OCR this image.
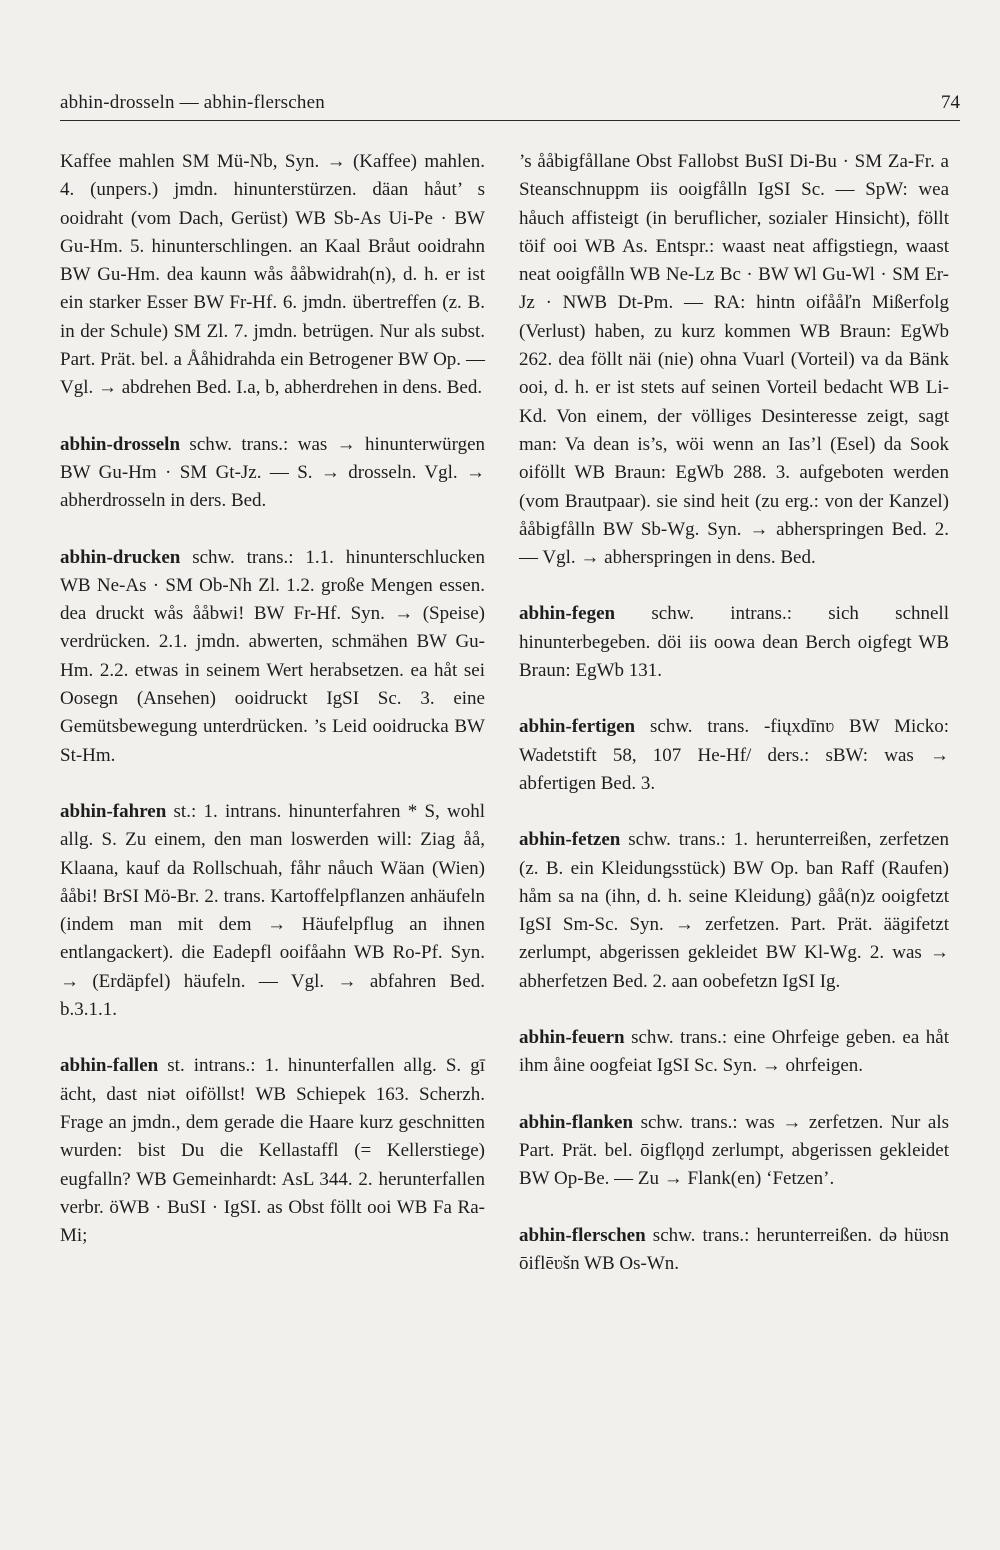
abhin-drosseln — abhin-flerschen	74

Kaffee mahlen SM Mü-Nb, Syn. → (Kaffee) mahlen. 4. (unpers.) jmdn. hinunterstürzen. däan håut’ s ooidraht (vom Dach, Gerüst) WB Sb-As Ui-Pe · BW Gu-Hm. 5. hinunterschlingen. an Kaal Bråut ooidrahn BW Gu-Hm. dea kaunn wås ååbwidrah(n), d. h. er ist ein starker Esser BW Fr-Hf. 6. jmdn. übertreffen (z. B. in der Schule) SM Zl. 7. jmdn. betrügen. Nur als subst. Part. Prät. bel. a Ååhidrahda ein Betrogener BW Op. — Vgl. → abdrehen Bed. I.a, b, abherdrehen in dens. Bed.

abhin-drosseln schw. trans.: was → hinunterwürgen BW Gu-Hm · SM Gt-Jz. — S. → drosseln. Vgl. → abherdrosseln in ders. Bed.

abhin-drucken schw. trans.: 1.1. hinunterschlucken WB Ne-As · SM Ob-Nh Zl. 1.2. große Mengen essen. dea druckt wås ååbwi! BW Fr-Hf. Syn. → (Speise) verdrücken. 2.1. jmdn. abwerten, schmähen BW Gu-Hm. 2.2. etwas in seinem Wert herabsetzen. ea håt sei Oosegn (Ansehen) ooidruckt IgSI Sc. 3. eine Gemütsbewegung unterdrücken. ’s Leid ooidrucka BW St-Hm.

abhin-fahren st.: 1. intrans. hinunterfahren * S, wohl allg. S. Zu einem, den man loswerden will: Ziag åå, Klaana, kauf da Rollschuah, fåhr nåuch Wäan (Wien) ååbi! BrSI Mö-Br. 2. trans. Kartoffelpflanzen anhäufeln (indem man mit dem → Häufelpflug an ihnen entlangackert). die Eadepfl ooifåahn WB Ro-Pf. Syn. → (Erdäpfel) häufeln. — Vgl. → abfahren Bed. b.3.1.1.

abhin-fallen st. intrans.: 1. hinunterfallen allg. S. gī ächt, dast niət oiföllst! WB Schiepek 163. Scherzh. Frage an jmdn., dem gerade die Haare kurz geschnitten wurden: bist Du die Kellastaffl (= Kellerstiege) eugfalln? WB Gemeinhardt: AsL 344. 2. herunterfallen verbr. öWB · BuSI · IgSI. as Obst föllt ooi WB Fa Ra-Mi;

’s ååbigfållane Obst Fallobst BuSI Di-Bu · SM Za-Fr. a Steanschnuppm iis ooigfålln IgSI Sc. — SpW: wea håuch affisteigt (in beruflicher, sozialer Hinsicht), föllt töif ooi WB As. Entspr.: waast neat affigstiegn, waast neat ooigfålln WB Ne-Lz Bc · BW Wl Gu-Wl · SM Er-Jz · NWB Dt-Pm. — RA: hintn oifååľn Mißerfolg (Verlust) haben, zu kurz kommen WB Braun: EgWb 262. dea föllt näi (nie) ohna Vuarl (Vorteil) va da Bänk ooi, d. h. er ist stets auf seinen Vorteil bedacht WB Li-Kd. Von einem, der völliges Desinteresse zeigt, sagt man: Va dean is’s, wöi wenn an Ias’l (Esel) da Sook oiföllt WB Braun: EgWb 288. 3. aufgeboten werden (vom Brautpaar). sie sind heit (zu erg.: von der Kanzel) ååbigfålln BW Sb-Wg. Syn. → abherspringen Bed. 2. — Vgl. → abherspringen in dens. Bed.

abhin-fegen schw. intrans.: sich schnell hinunterbegeben. döi iis oowa dean Berch oigfegt WB Braun: EgWb 131.

abhin-fertigen schw. trans. -fiųxdīnʋ BW Micko: Wadetstift 58, 107 He-Hf/ ders.: sBW: was → abfertigen Bed. 3.

abhin-fetzen schw. trans.: 1. herunterreißen, zerfetzen (z. B. ein Kleidungsstück) BW Op. ban Raff (Raufen) håm sa na (ihn, d. h. seine Kleidung) gåå(n)z ooigfetzt IgSI Sm-Sc. Syn. → zerfetzen. Part. Prät. äägifetzt zerlumpt, abgerissen gekleidet BW Kl-Wg. 2. was → abherfetzen Bed. 2. aan oobefetzn IgSI Ig.

abhin-feuern schw. trans.: eine Ohrfeige geben. ea håt ihm åine oogfeiat IgSI Sc. Syn. → ohrfeigen.

abhin-flanken schw. trans.: was → zerfetzen. Nur als Part. Prät. bel. ōigflǫŋd zerlumpt, abgerissen gekleidet BW Op-Be. — Zu → Flank(en) ‘Fetzen’.

abhin-flerschen schw. trans.: herunterreißen. də hüʋsn ōiflēʋšn WB Os-Wn.
